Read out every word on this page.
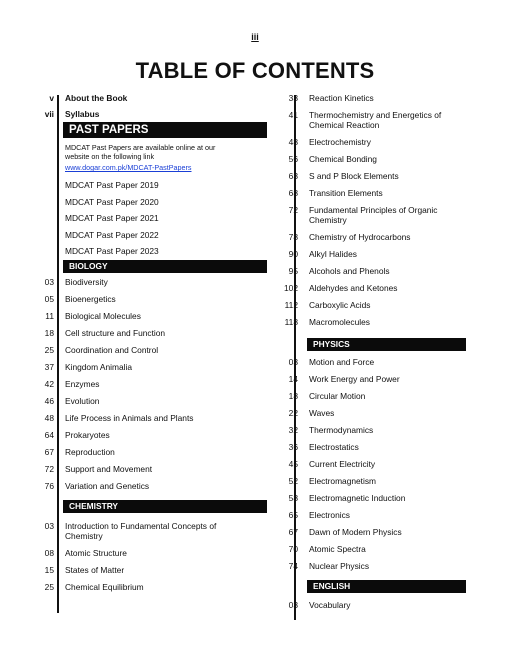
iii
TABLE OF CONTENTS
v	About the Book
vii	Syllabus
PAST PAPERS
MDCAT Past Papers are available online at our website on the following link
www.dogar.com.pk/MDCAT-PastPapers
MDCAT Past Paper 2019
MDCAT Past Paper 2020
MDCAT Past Paper 2021
MDCAT Past Paper 2022
MDCAT Past Paper 2023
BIOLOGY
03	Biodiversity
05	Bioenergetics
11	Biological Molecules
18	Cell structure and Function
25	Coordination and Control
37	Kingdom Animalia
42	Enzymes
46	Evolution
48	Life Process in Animals and Plants
64	Prokaryotes
67	Reproduction
72	Support and Movement
76	Variation and Genetics
CHEMISTRY
03	Introduction to Fundamental Concepts of Chemistry
08	Atomic Structure
15	States of Matter
25	Chemical Equilibrium
33	Reaction Kinetics
41	Thermochemistry and Energetics of Chemical Reaction
48	Electrochemistry
56	Chemical Bonding
63	S and P Block Elements
68	Transition Elements
72	Fundamental Principles of Organic Chemistry
78	Chemistry of Hydrocarbons
90	Alkyl Halides
95	Alcohols and Phenols
102	Aldehydes and Ketones
112	Carboxylic Acids
118	Macromolecules
PHYSICS
03	Motion and Force
14	Work Energy and Power
18	Circular Motion
22	Waves
32	Thermodynamics
36	Electrostatics
45	Current Electricity
52	Electromagnetism
58	Electromagnetic Induction
65	Electronics
67	Dawn of Modern Physics
70	Atomic Spectra
74	Nuclear Physics
ENGLISH
03	Vocabulary
